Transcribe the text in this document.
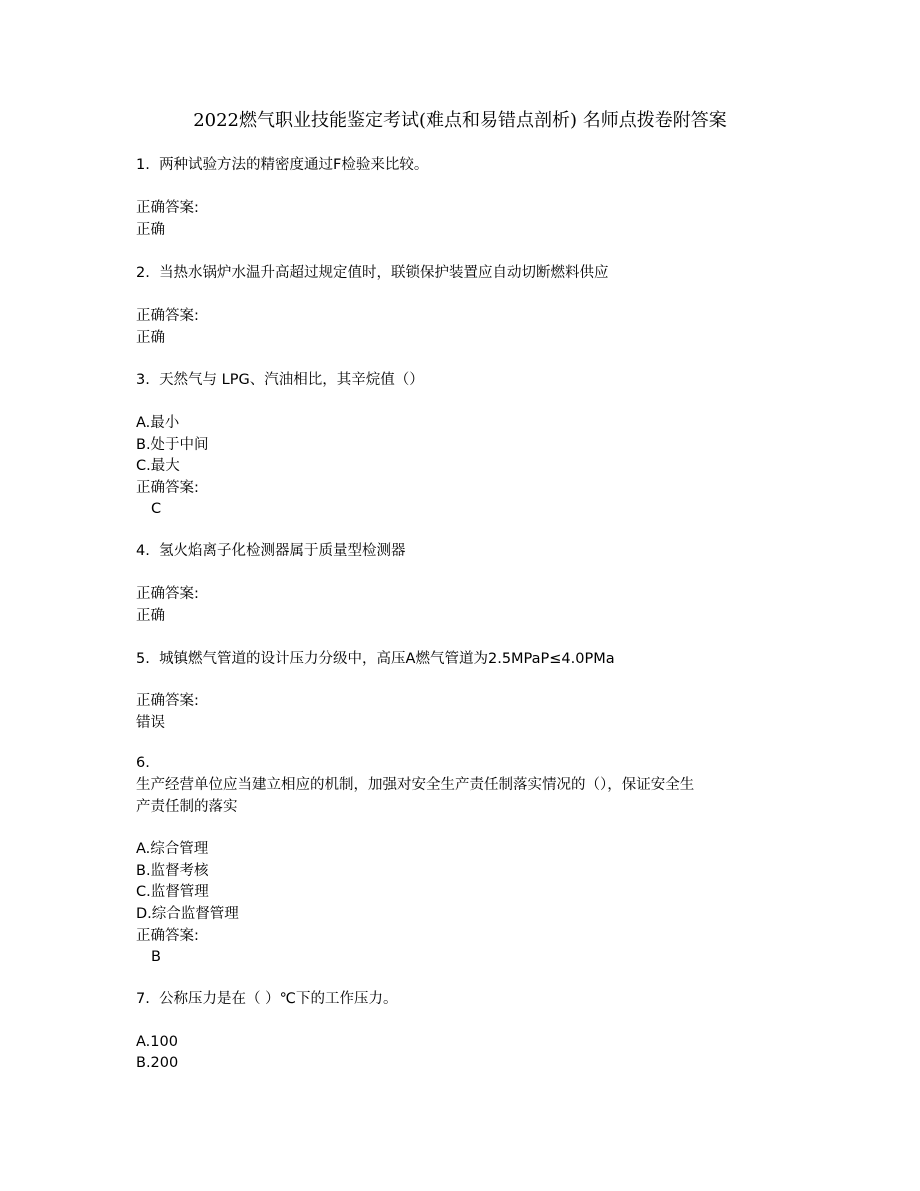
2022燃气职业技能鉴定考试(难点和易错点剖析) 名师点拨卷附答案
1. 两种试验方法的精密度通过F检验来比较。
正确答案:
正确
2. 当热水锅炉水温升高超过规定值时，联锁保护装置应自动切断燃料供应
正确答案:
正确
3. 天然气与 LPG、汽油相比，其辛烷值（）
A.最小
B.处于中间
C.最大
正确答案:
C
4. 氢火焰离子化检测器属于质量型检测器
正确答案:
正确
5. 城镇燃气管道的设计压力分级中，高压A燃气管道为2.5MPaP≤4.0PMa
正确答案:
错误
6.
生产经营单位应当建立相应的机制，加强对安全生产责任制落实情况的（），保证安全生
产责任制的落实
A.综合管理
B.监督考核
C.监督管理
D.综合监督管理
正确答案:
B
7. 公称压力是在（ ）℃下的工作压力。
A.100
B.200
